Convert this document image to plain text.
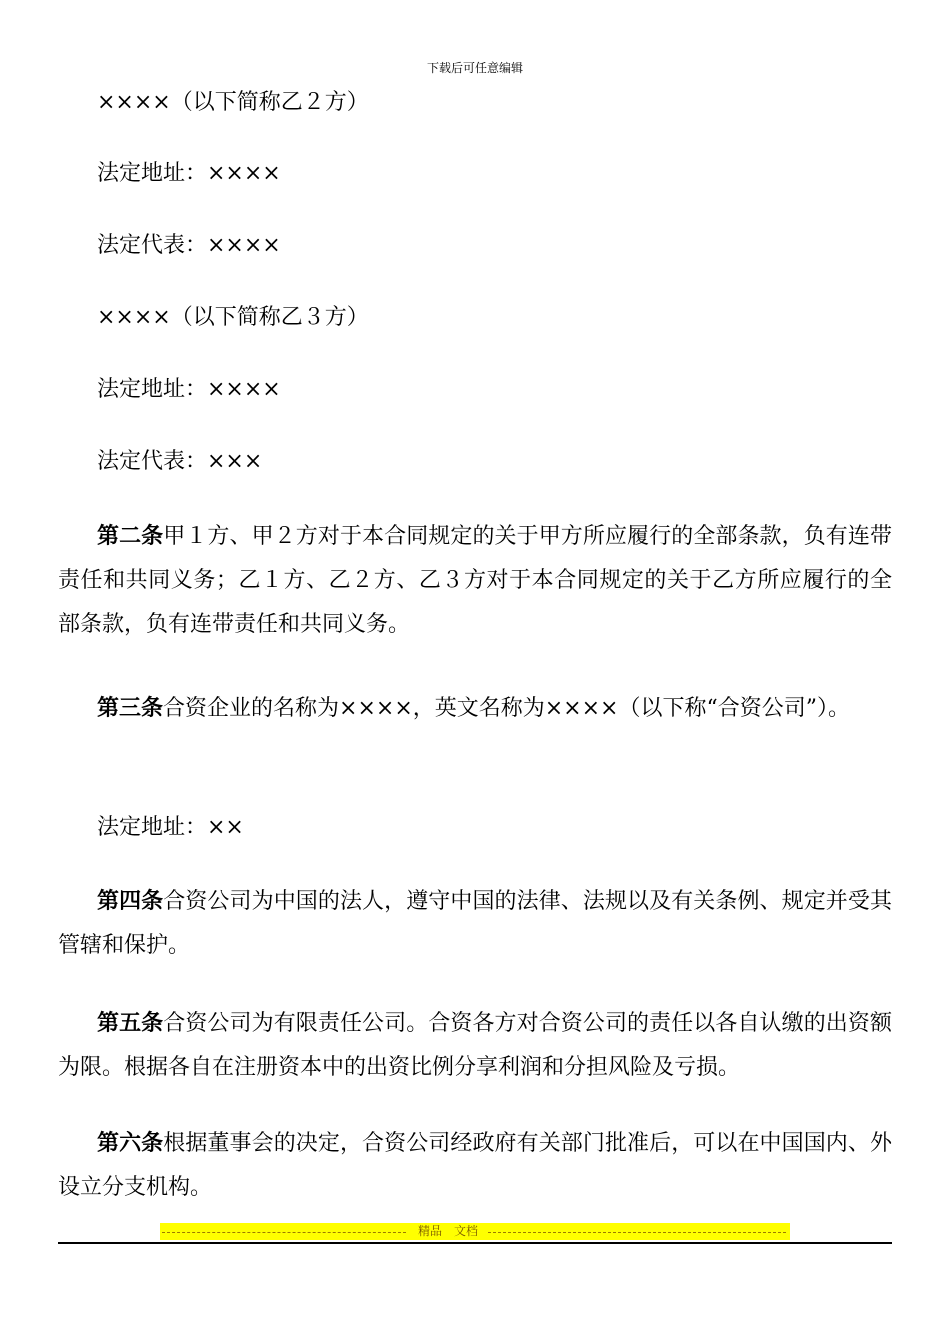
下载后可任意编辑
××××（以下简称乙２方）
法定地址：××××
法定代表：××××
××××（以下简称乙３方）
法定地址：××××
法定代表：×××
第二条甲１方、甲２方对于本合同规定的关于甲方所应履行的全部条款，负有连带责任和共同义务；乙１方、乙２方、乙３方对于本合同规定的关于乙方所应履行的全部条款，负有连带责任和共同义务。
第三条合资企业的名称为××××，英文名称为××××（以下称“合资公司”）。
法定地址：××
第四条合资公司为中国的法人，遵守中国的法律、法规以及有关条例、规定并受其管辖和保护。
第五条合资公司为有限责任公司。合资各方对合资公司的责任以各自认缴的出资额为限。根据各自在注册资本中的出资比例分享利润和分担风险及亏损。
第六条根据董事会的决定，合资公司经政府有关部门批准后，可以在中国国内、外设立分支机构。
精品　文档
